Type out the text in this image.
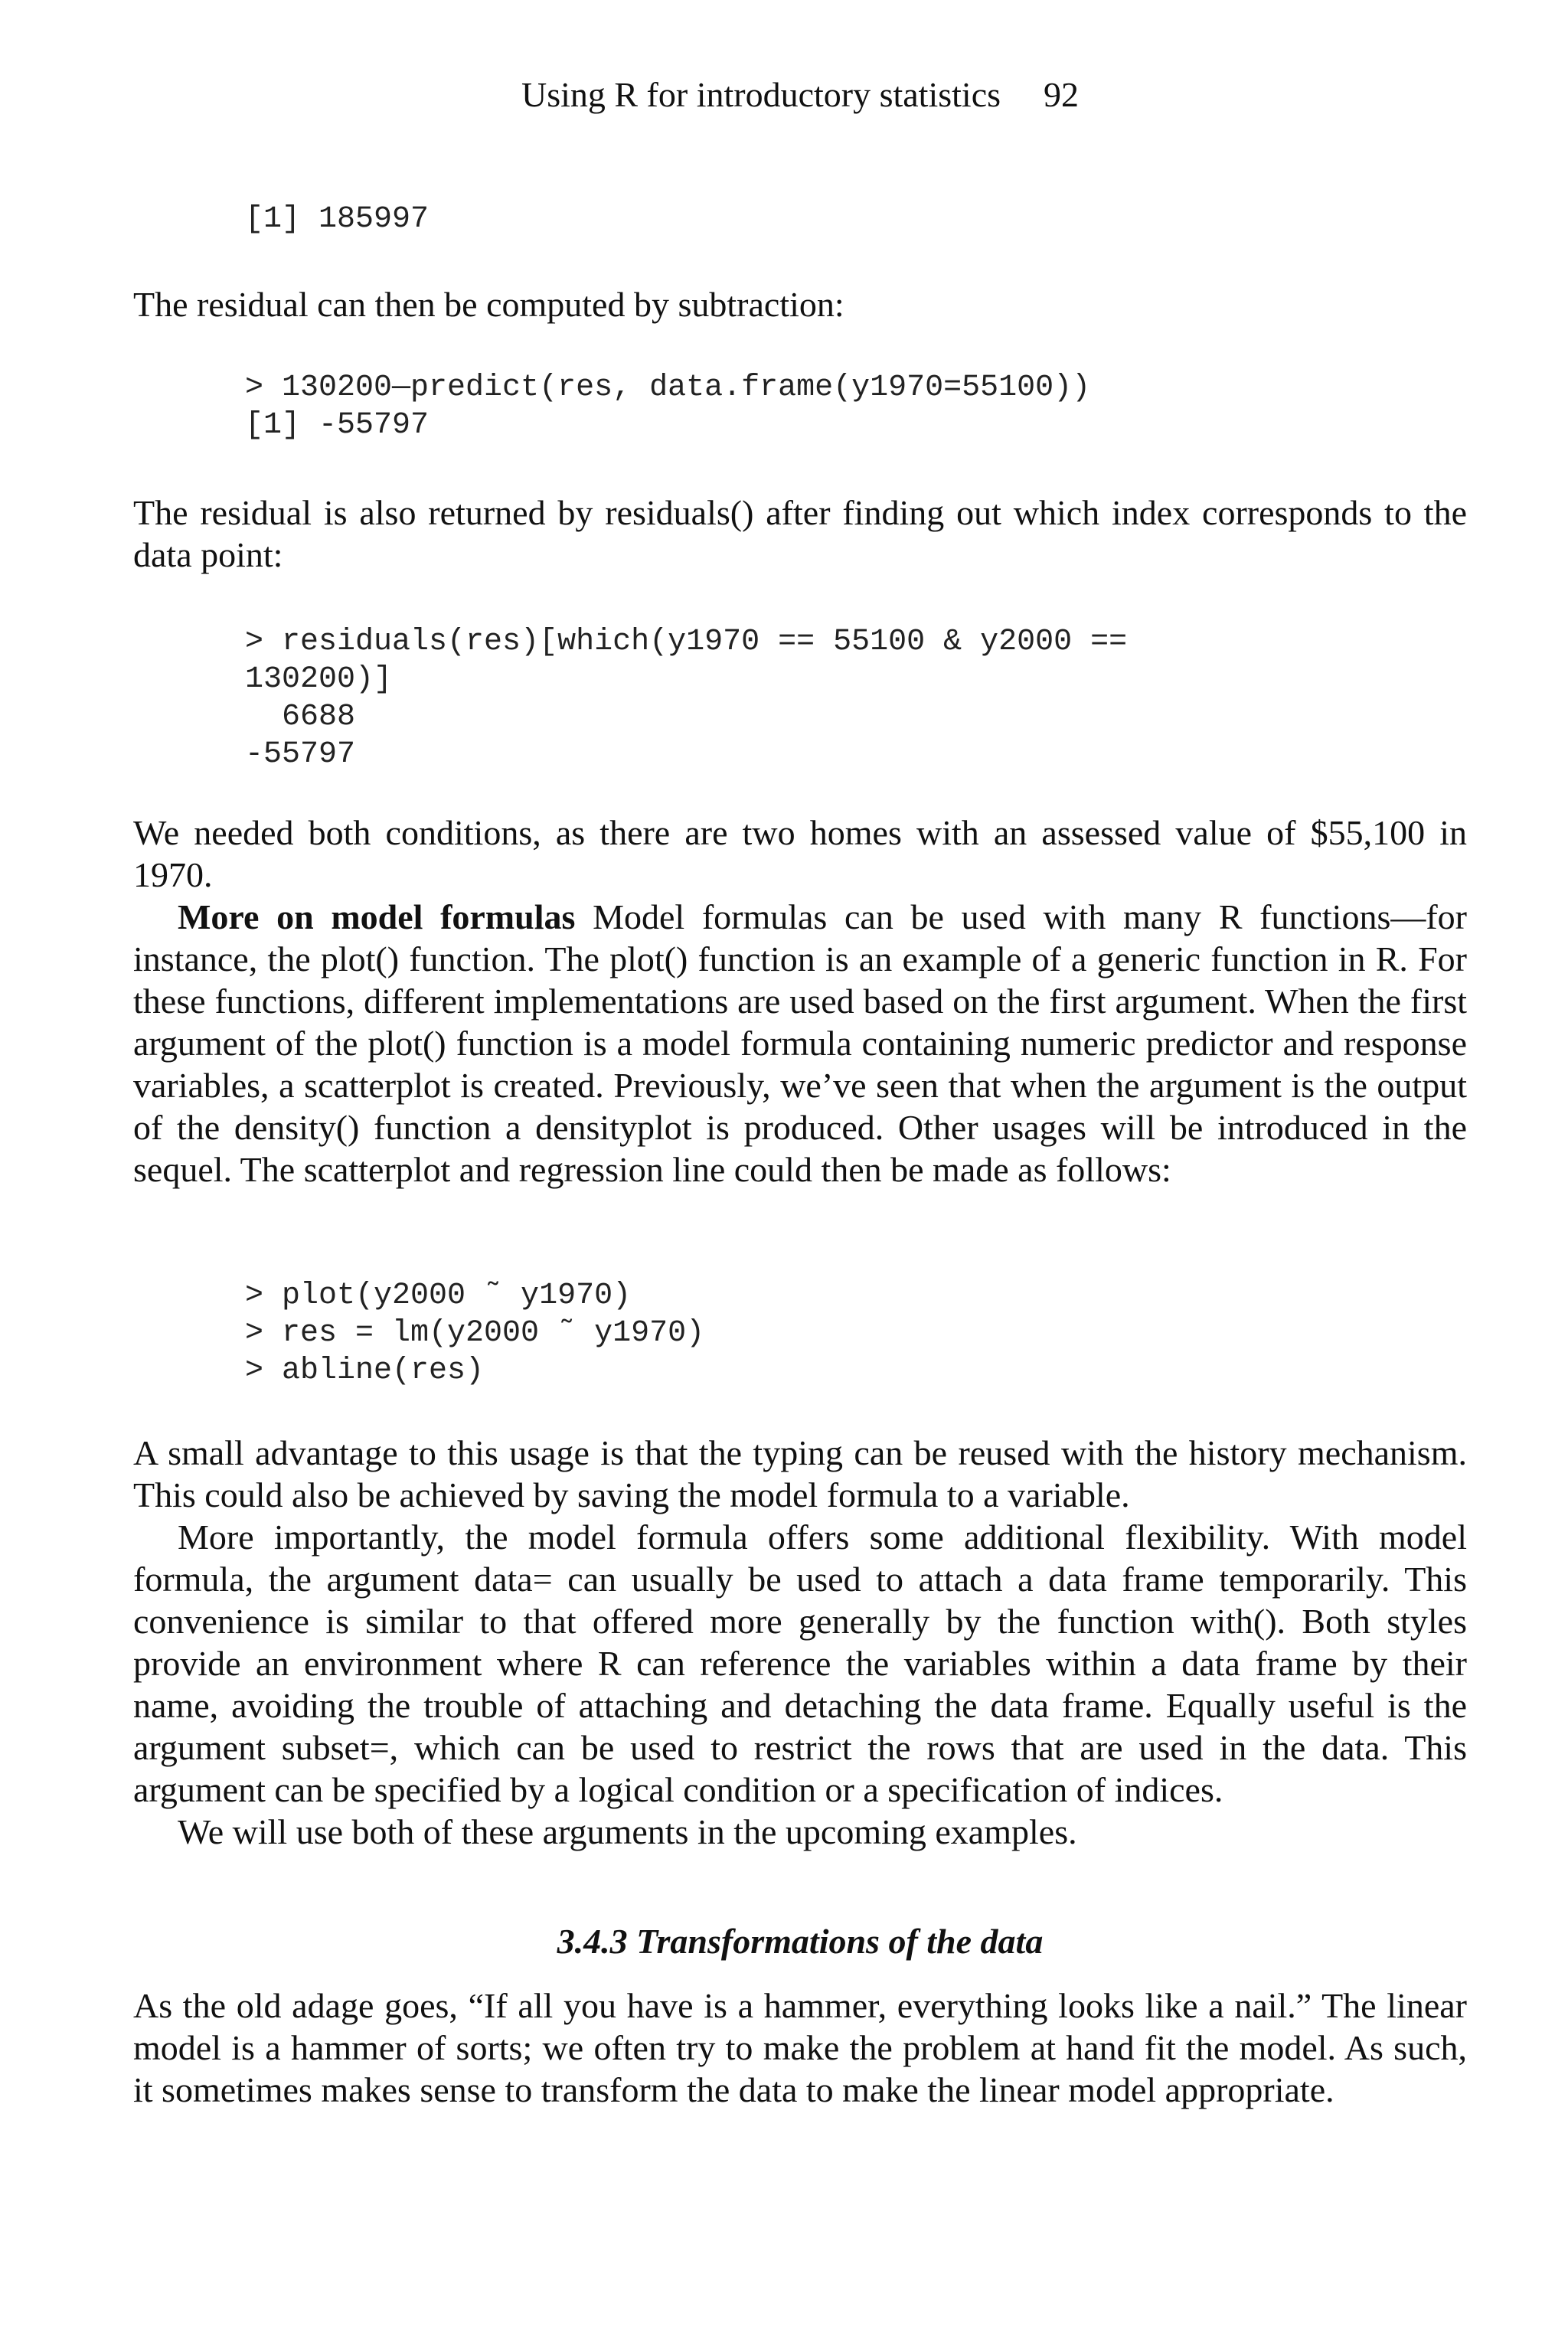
Using R for introductory statistics 92
[1] 185997
The residual can then be computed by subtraction:
> 130200—predict(res, data.frame(y1970=55100))
[1] -55797
The residual is also returned by residuals() after finding out which index corresponds to the data point:
> residuals(res)[which(y1970 == 55100 & y2000 ==
130200)]
6688
-55797
We needed both conditions, as there are two homes with an assessed value of $55,100 in 1970.
More on model formulas Model formulas can be used with many R functions—for instance, the plot() function. The plot() function is an example of a generic function in R. For these functions, different implementations are used based on the first argument. When the first argument of the plot() function is a model formula containing numeric predictor and response variables, a scatterplot is created. Previously, we’ve seen that when the argument is the output of the density() function a densityplot is produced. Other usages will be introduced in the sequel. The scatterplot and regression line could then be made as follows:
> plot(y2000 ˜ y1970)
> res = lm(y2000 ˜ y1970)
> abline(res)
A small advantage to this usage is that the typing can be reused with the history mechanism. This could also be achieved by saving the model formula to a variable.
More importantly, the model formula offers some additional flexibility. With model formula, the argument data= can usually be used to attach a data frame temporarily. This convenience is similar to that offered more generally by the function with(). Both styles provide an environment where R can reference the variables within a data frame by their name, avoiding the trouble of attaching and detaching the data frame. Equally useful is the argument subset=, which can be used to restrict the rows that are used in the data. This argument can be specified by a logical condition or a specification of indices.
We will use both of these arguments in the upcoming examples.
3.4.3 Transformations of the data
As the old adage goes, “If all you have is a hammer, everything looks like a nail.” The linear model is a hammer of sorts; we often try to make the problem at hand fit the model. As such, it sometimes makes sense to transform the data to make the linear model appropriate.
